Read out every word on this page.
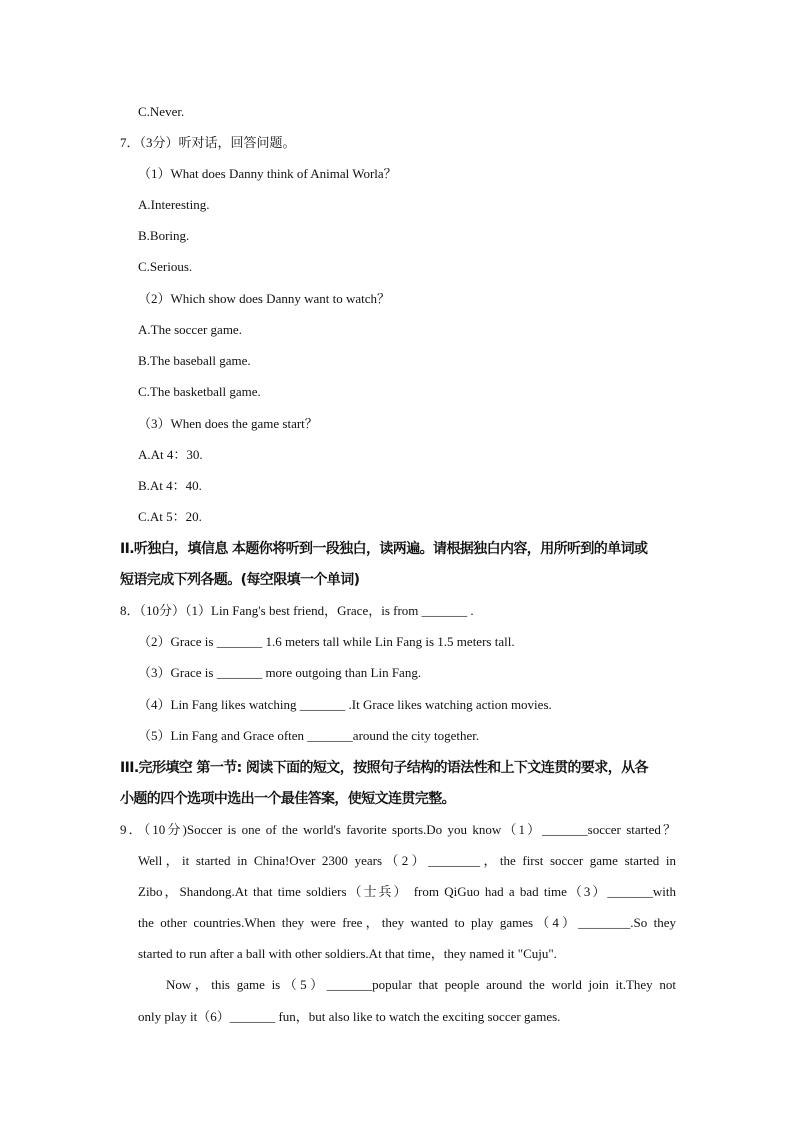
C.Never.
7．（3分）听对话，回答问题。
（1）What does Danny think of Animal Worla？
A.Interesting.
B.Boring.
C.Serious.
（2）Which show does Danny want to watch？
A.The soccer game.
B.The baseball game.
C.The basketball game.
（3）When does the game start？
A.At 4：30.
B.At 4：40.
C.At 5：20.
II.听独白，填信息 本题你将听到一段独白，读两遍。请根据独白内容，用所听到的单词或
短语完成下列各题。(每空限填一个单词)
8．（10分）（1）Lin Fang's best friend，Grace，is from _______ .
（2）Grace is _______ 1.6 meters tall while Lin Fang is 1.5 meters tall.
（3）Grace is _______ more outgoing than Lin Fang.
（4）Lin Fang likes watching _______ .It Grace likes watching action movies.
（5）Lin Fang and Grace often _______around the city together.
III.完形填空 第一节: 阅读下面的短文，按照句子结构的语法性和上下文连贯的要求，从各
小题的四个选项中选出一个最佳答案，使短文连贯完整。
9．（10分)Soccer is one of the world's favorite sports.Do you know（1）_______soccer started？
Well，it started in China!Over 2300 years（2）________，the first soccer game started in
Zibo，Shandong.At that time soldiers（士兵） from QiGuo had a bad time（3）_______with
the other countries.When they were free，they wanted to play games（4）________.So they
started to run after a ball with other soldiers.At that time，they named it "Cuju".
Now，this game is（5）_______popular that people around the world join it.They not
only play it（6）_______ fun，but also like to watch the exciting soccer games.
